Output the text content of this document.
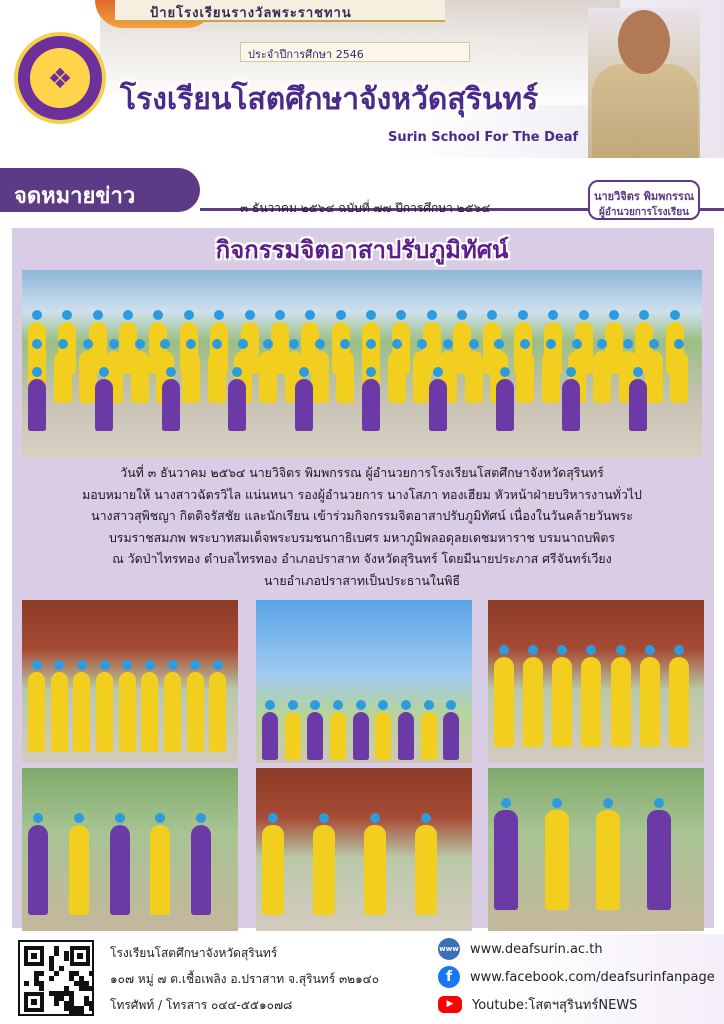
ป้ายโรงเรียนรางวัลพระราชทาน
ประจำปีการศึกษา 2546
❖
โรงเรียนโสตศึกษาจังหวัดสุรินทร์
Surin School For The Deaf
จดหมายข่าว	๓ ธันวาคม ๒๕๖๔ ฉบับที่ ๗๗ ปีการศึกษา ๒๕๖๔
นายวิจิตร พิมพกรรณ
ผู้อำนวยการโรงเรียน
กิจกรรมจิตอาสาปรับภูมิทัศน์
วันที่ ๓ ธันวาคม ๒๕๖๔ นายวิจิตร พิมพกรรณ ผู้อำนวยการโรงเรียนโสตศึกษาจังหวัดสุรินทร์
มอบหมายให้ นางสาวฉัตรวิไล แน่นหนา รองผู้อำนวยการ นางโสภา ทองเฮียม หัวหน้าฝ่ายบริหารงานทั่วไป
นางสาวสุพิชญา กิตติจรัสชัย และนักเรียน เข้าร่วมกิจกรรมจิตอาสาปรับภูมิทัศน์ เนื่องในวันคล้ายวันพระ
บรมราชสมภพ พระบาทสมเด็จพระบรมชนกาธิเบศร มหาภูมิพลอดุลยเดชมหาราช บรมนาถบพิตร
ณ วัดป่าไทรทอง ตำบลไทรทอง อำเภอปราสาท จังหวัดสุรินทร์ โดยมีนายประภาส ศรีจันทร์เวียง
นายอำเภอปราสาทเป็นประธานในพิธี
โรงเรียนโสตศึกษาจังหวัดสุรินทร์
๑๐๗ หมู่ ๗ ต.เชื้อเพลิง อ.ปราสาท จ.สุรินทร์ ๓๒๑๔๐
โทรศัพท์ / โทรสาร ๐๔๔-๕๕๑๐๗๘
www www.deafsurin.ac.th
f	www.facebook.com/deafsurinfanpage
▶	Youtube:โสตฯสุรินทร์NEWS
